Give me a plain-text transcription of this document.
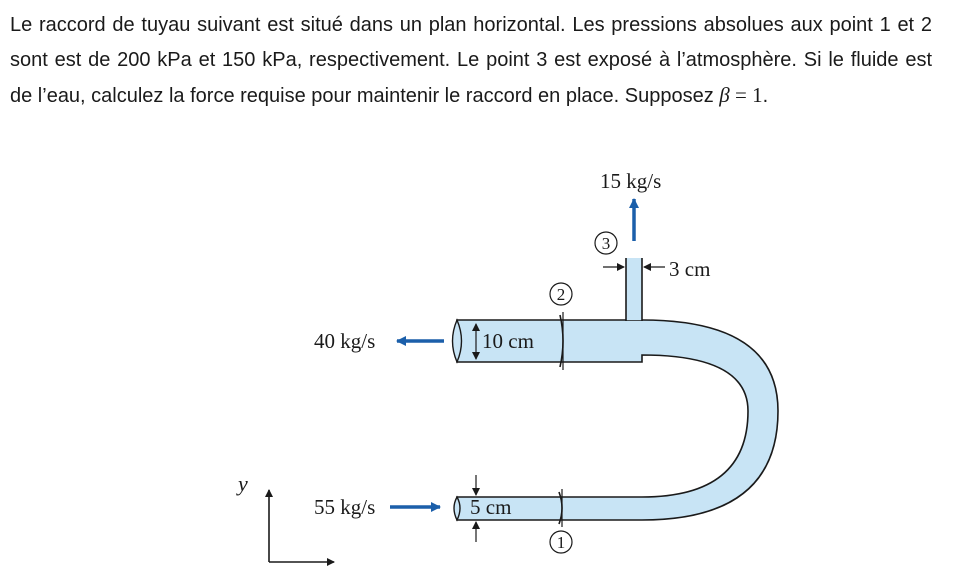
Le raccord de tuyau suivant est situé dans un plan horizontal. Les pressions absolues aux point 1 et 2 sont est de 200 kPa et 150 kPa, respectivement. Le point 3 est exposé à l’atmosphère. Si le fluide est de l’eau, calculez la force requise pour maintenir le raccord en place. Supposez β = 1.
10 cm
5 cm
3 cm
15 kg/s
40 kg/s
55 kg/s
3
2
1
y
